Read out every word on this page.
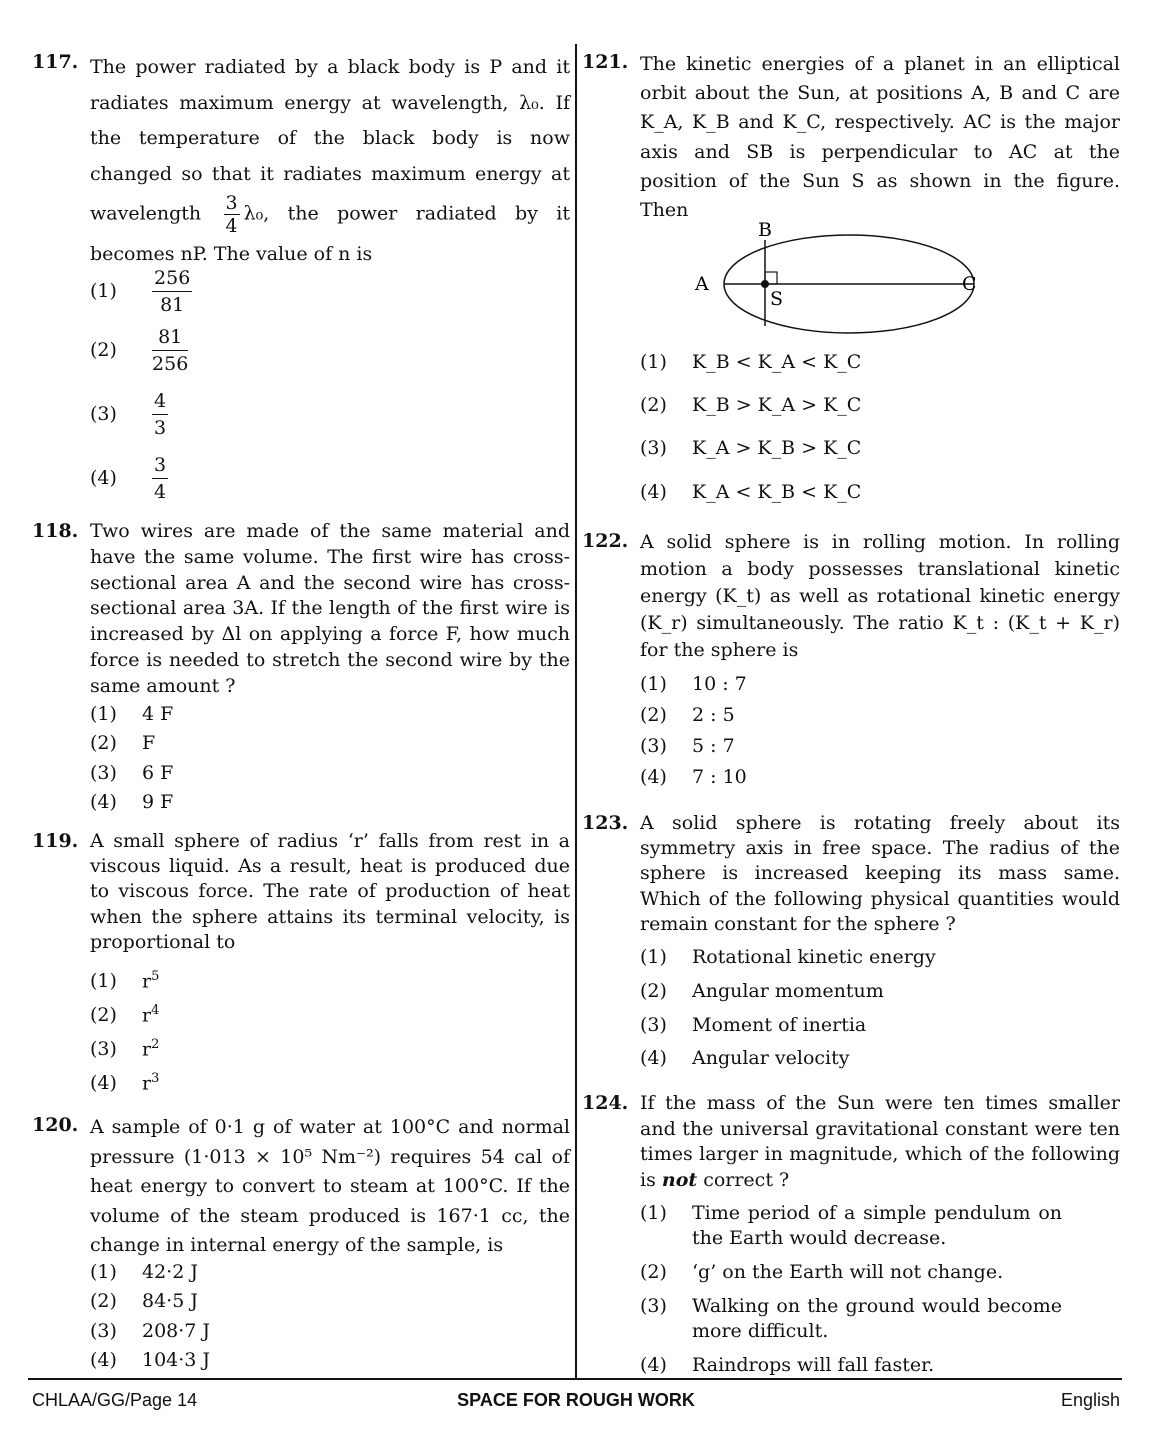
117. The power radiated by a black body is P and it radiates maximum energy at wavelength, λ₀. If the temperature of the black body is now changed so that it radiates maximum energy at wavelength $\frac{3}{4} \lambda_0$, the power radiated by it becomes nP. The value of n is
$(1) \frac{256}{81}$
$(2) \frac{81}{256}$
$(3) \frac{4}{3}$
$(4) \frac{3}{4}$
118. Two wires are made of the same material and have the same volume. The first wire has cross-sectional area A and the second wire has cross-sectional area 3A. If the length of the first wire is increased by Δl on applying a force F, how much force is needed to stretch the second wire by the same amount ?
(1) 4 F
(2) F
(3) 6 F
(4) 9 F
119. A small sphere of radius ‘r’ falls from rest in a viscous liquid. As a result, heat is produced due to viscous force. The rate of production of heat when the sphere attains its terminal velocity, is proportional to
(1) $r^5$
(2) $r^4$
(3) $r^2$
(4) $r^3$
120. A sample of 0·1 g of water at 100°C and normal pressure (1·013 × 10⁵ Nm⁻²) requires 54 cal of heat energy to convert to steam at 100°C. If the volume of the steam produced is 167·1 cc, the change in internal energy of the sample, is
(1) 42·2 J
(2) 84·5 J
(3) 208·7 J
(4) 104·3 J
121. The kinetic energies of a planet in an elliptical orbit about the Sun, at positions A, B and C are K_A, K_B and K_C, respectively. AC is the major axis and SB is perpendicular to AC at the position of the Sun S as shown in the figure. Then
A
B
C
S
(1) K_B < K_A < K_C
(2) K_B > K_A > K_C
(3) K_A > K_B > K_C
(4) K_A < K_B < K_C
122. A solid sphere is in rolling motion. In rolling motion a body possesses translational kinetic energy (K_t) as well as rotational kinetic energy (K_r) simultaneously. The ratio K_t : (K_t + K_r) for the sphere is
(1) 10 : 7
(2) 2 : 5
(3) 5 : 7
(4) 7 : 10
123. A solid sphere is rotating freely about its symmetry axis in free space. The radius of the sphere is increased keeping its mass same. Which of the following physical quantities would remain constant for the sphere ?
(1) Rotational kinetic energy
(2) Angular momentum
(3) Moment of inertia
(4) Angular velocity
124. If the mass of the Sun were ten times smaller and the universal gravitational constant were ten times larger in magnitude, which of the following is not correct ?
(1)	Time period of a simple pendulum on the Earth would decrease.
(2) ‘g’ on the Earth will not change.
(3)	Walking on the ground would become more difficult.
(4) Raindrops will fall faster.
CHLAA/GG/Page 14	SPACE FOR ROUGH WORK	English
